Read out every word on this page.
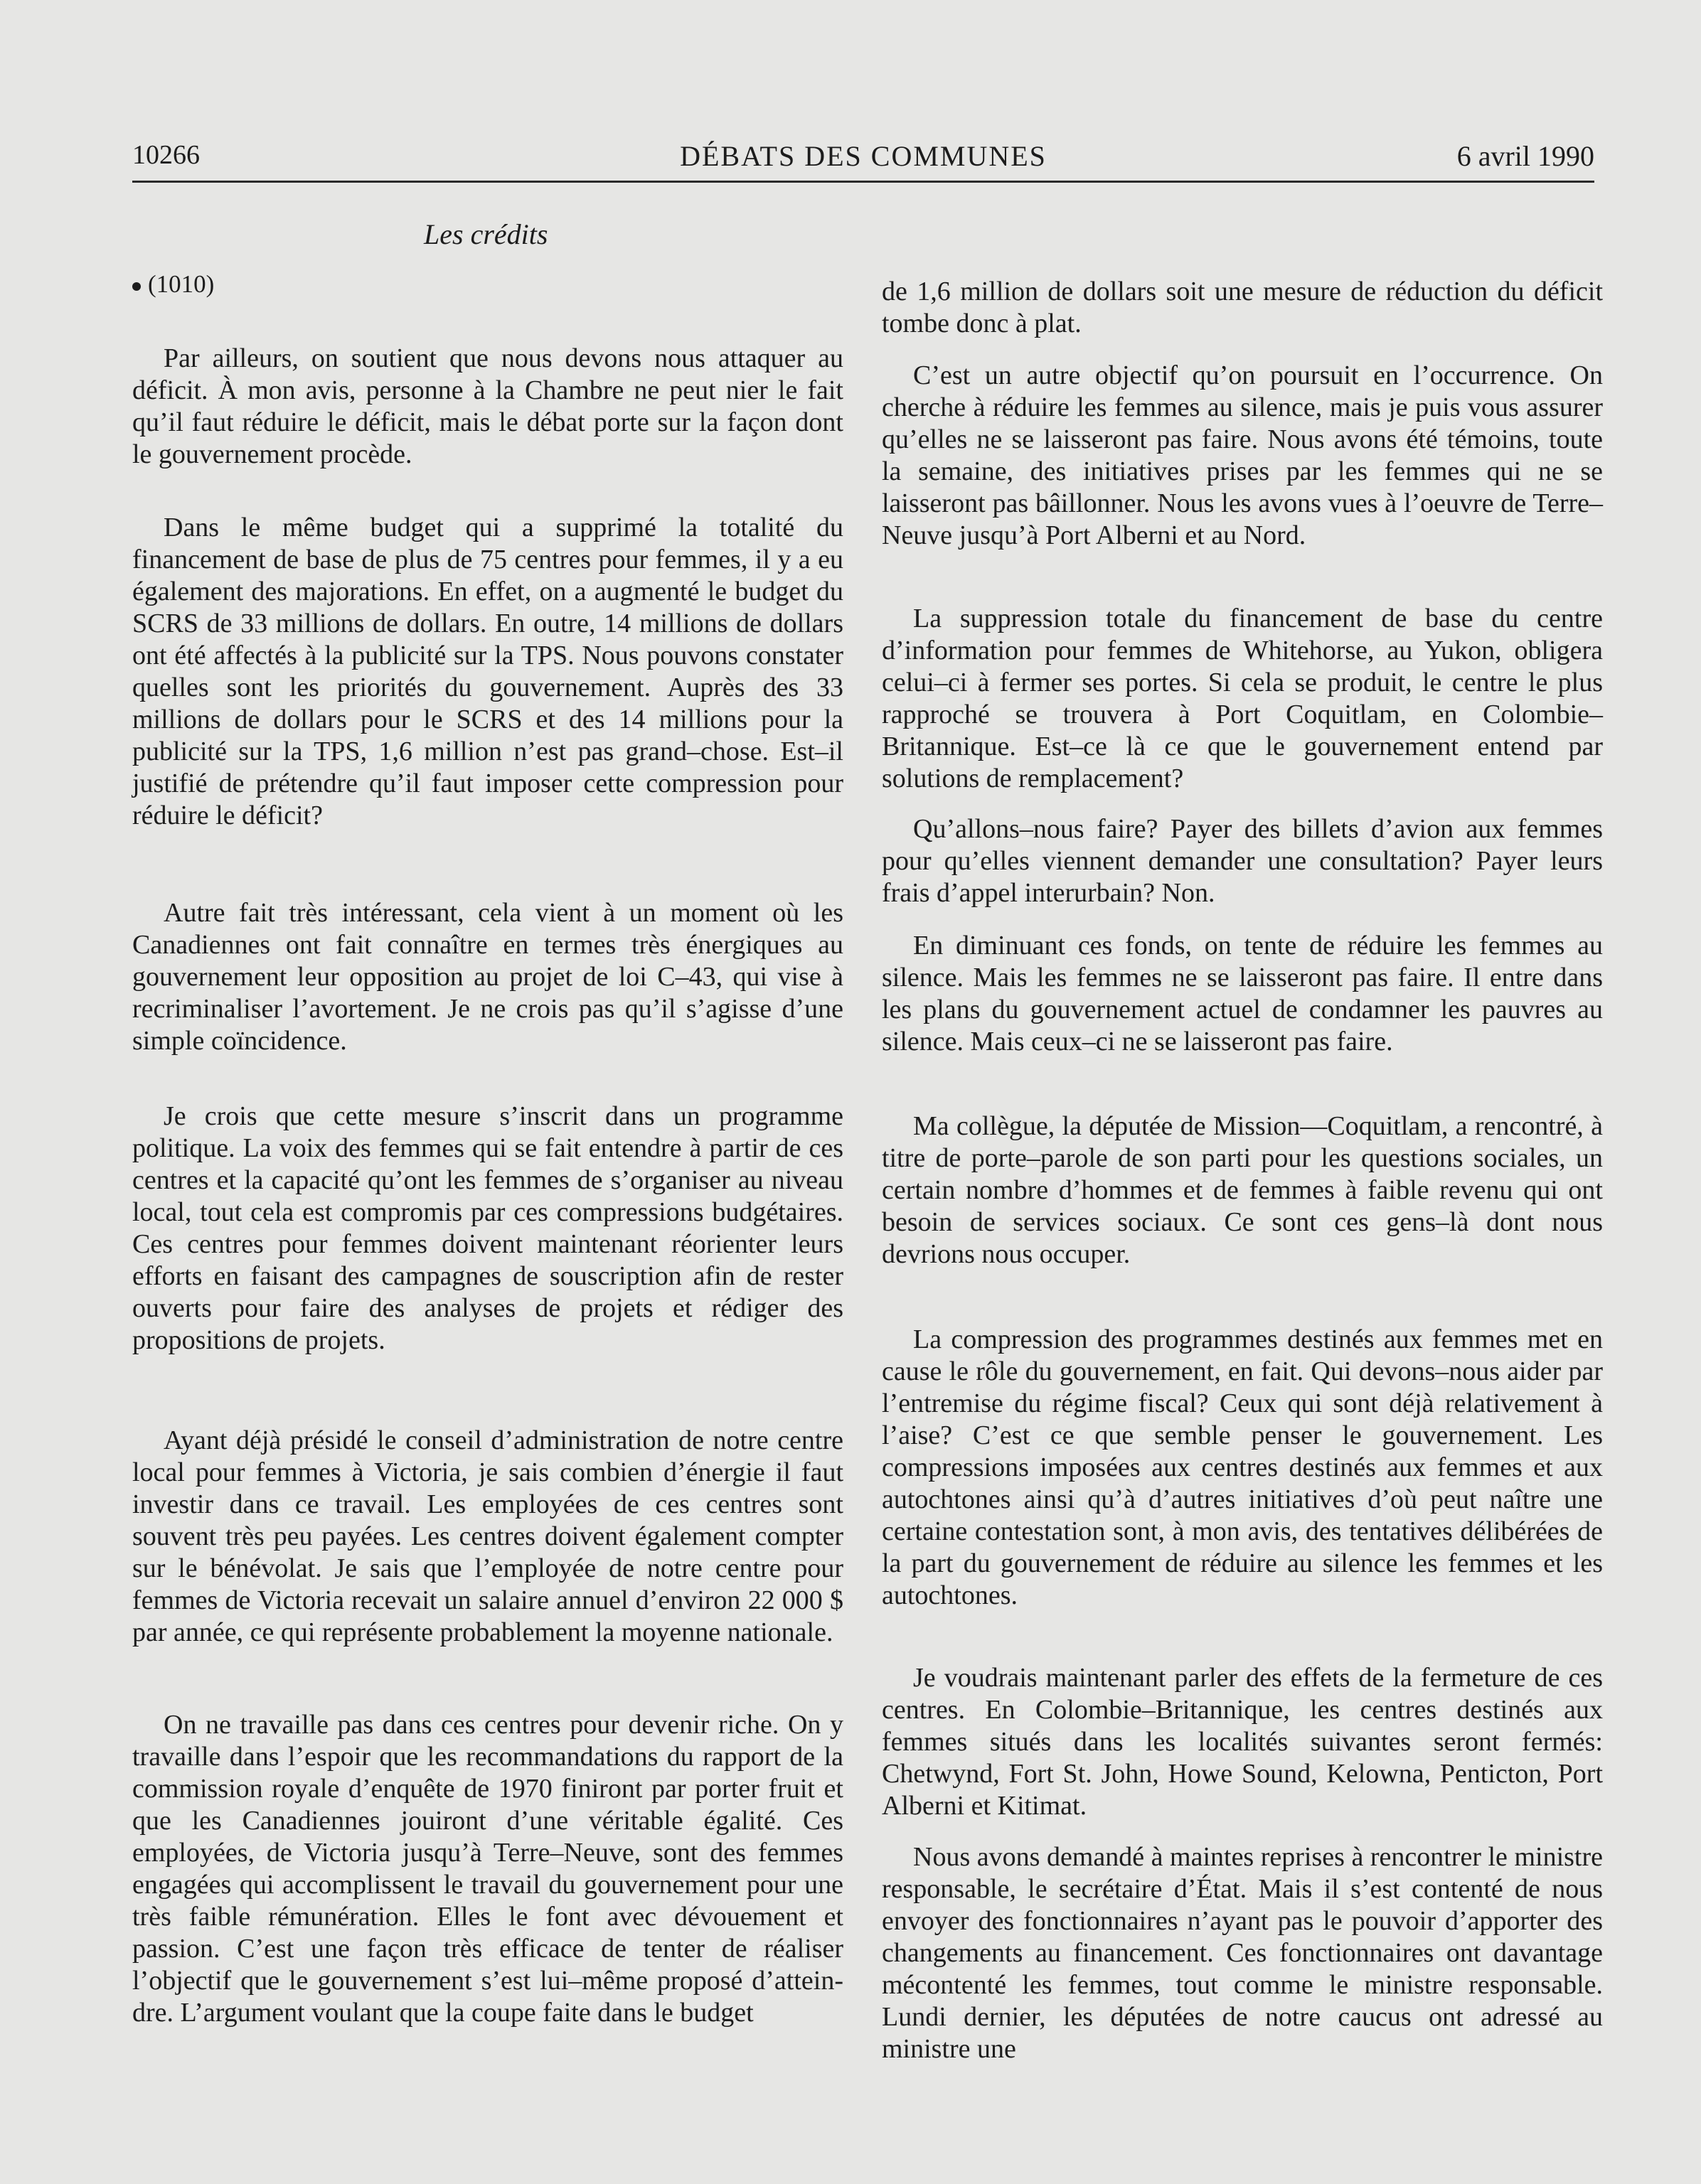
10266	DÉBATS DES COMMUNES	6 avril 1990
Les crédits
(1010)

Par ailleurs, on soutient que nous devons nous attaquer au déficit. À mon avis, personne à la Chambre ne peut nier le fait qu’il faut réduire le déficit, mais le débat porte sur la façon dont le gouvernement procède.

Dans le même budget qui a supprimé la totalité du financement de base de plus de 75 centres pour femmes, il y a eu également des majorations. En effet, on a augmenté le budget du SCRS de 33 millions de dollars. En outre, 14 millions de dollars ont été affectés à la publicité sur la TPS. Nous pouvons constater quelles sont les priorités du gouvernement. Auprès des 33 millions de dollars pour le SCRS et des 14 millions pour la publicité sur la TPS, 1,6 million n’est pas grand–chose. Est–il justifié de prétendre qu’il faut imposer cette compression pour réduire le déficit?

Autre fait très intéressant, cela vient à un moment où les Canadiennes ont fait connaître en termes très énergiques au gouvernement leur opposition au projet de loi C–43, qui vise à recriminaliser l’avortement. Je ne crois pas qu’il s’agisse d’une simple coïncidence.

Je crois que cette mesure s’inscrit dans un programme politique. La voix des femmes qui se fait entendre à partir de ces centres et la capacité qu’ont les femmes de s’organiser au niveau local, tout cela est compromis par ces compressions budgétaires. Ces centres pour femmes doivent maintenant réorienter leurs efforts en faisant des campagnes de souscription afin de rester ouverts pour faire des analyses de projets et rédiger des propositions de projets.

Ayant déjà présidé le conseil d’administration de notre centre local pour femmes à Victoria, je sais combien d’énergie il faut investir dans ce travail. Les employées de ces centres sont souvent très peu payées. Les centres doivent également compter sur le bénévolat. Je sais que l’employée de notre centre pour femmes de Victoria recevait un salaire annuel d’environ 22 000 $ par année, ce qui représente probablement la moyenne nationale.

On ne travaille pas dans ces centres pour devenir riche. On y travaille dans l’espoir que les recommandations du rapport de la commission royale d’enquête de 1970 finiront par porter fruit et que les Canadiennes jouiront d’une véritable égalité. Ces employées, de Victoria jusqu’à Terre–Neuve, sont des femmes engagées qui accomplissent le travail du gouvernement pour une très faible rémunération. Elles le font avec dévouement et passion. C’est une façon très efficace de tenter de réaliser l’objectif que le gouvernement s’est lui–même proposé d’atteindre. L’argument voulant que la coupe faite dans le budget

de 1,6 million de dollars soit une mesure de réduction du déficit tombe donc à plat.

C’est un autre objectif qu’on poursuit en l’occurrence. On cherche à réduire les femmes au silence, mais je puis vous assurer qu’elles ne se laisseront pas faire. Nous avons été témoins, toute la semaine, des initiatives prises par les femmes qui ne se laisseront pas bâillonner. Nous les avons vues à l’oeuvre de Terre–Neuve jusqu’à Port Alberni et au Nord.

La suppression totale du financement de base du centre d’information pour femmes de Whitehorse, au Yukon, obligera celui–ci à fermer ses portes. Si cela se produit, le centre le plus rapproché se trouvera à Port Coquitlam, en Colombie–Britannique. Est–ce là ce que le gouvernement entend par solutions de remplacement?

Qu’allons–nous faire? Payer des billets d’avion aux femmes pour qu’elles viennent demander une consultation? Payer leurs frais d’appel interurbain? Non.

En diminuant ces fonds, on tente de réduire les femmes au silence. Mais les femmes ne se laisseront pas faire. Il entre dans les plans du gouvernement actuel de condamner les pauvres au silence. Mais ceux–ci ne se laisseront pas faire.

Ma collègue, la députée de Mission—Coquitlam, a rencontré, à titre de porte–parole de son parti pour les questions sociales, un certain nombre d’hommes et de femmes à faible revenu qui ont besoin de services sociaux. Ce sont ces gens–là dont nous devrions nous occuper.

La compression des programmes destinés aux femmes met en cause le rôle du gouvernement, en fait. Qui devons–nous aider par l’entremise du régime fiscal? Ceux qui sont déjà relativement à l’aise? C’est ce que semble penser le gouvernement. Les compressions imposées aux centres destinés aux femmes et aux autochtones ainsi qu’à d’autres initiatives d’où peut naître une certaine contestation sont, à mon avis, des tentatives délibérées de la part du gouvernement de réduire au silence les femmes et les autochtones.

Je voudrais maintenant parler des effets de la fermeture de ces centres. En Colombie–Britannique, les centres destinés aux femmes situés dans les localités suivantes seront fermés: Chetwynd, Fort St. John, Howe Sound, Kelowna, Penticton, Port Alberni et Kitimat.

Nous avons demandé à maintes reprises à rencontrer le ministre responsable, le secrétaire d’État. Mais il s’est contenté de nous envoyer des fonctionnaires n’ayant pas le pouvoir d’apporter des changements au financement. Ces fonctionnaires ont davantage mécontenté les femmes, tout comme le ministre responsable. Lundi dernier, les députées de notre caucus ont adressé au ministre une
